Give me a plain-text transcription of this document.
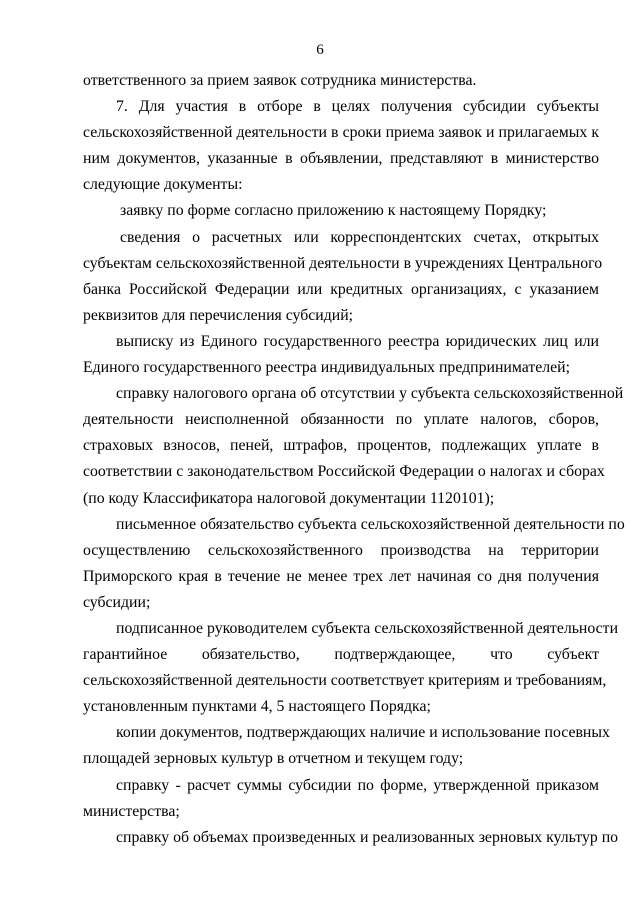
6
ответственного за прием заявок сотрудника министерства.
7. Для участия в отборе в целях получения субсидии субъекты
сельскохозяйственной деятельности в сроки приема заявок и прилагаемых к
ним документов, указанные в объявлении, представляют в министерство
следующие документы:
заявку по форме согласно приложению к настоящему Порядку;
сведения о расчетных или корреспондентских счетах, открытых
субъектам сельскохозяйственной деятельности в учреждениях Центрального
банка Российской Федерации или кредитных организациях, с указанием
реквизитов для перечисления субсидий;
выписку из Единого государственного реестра юридических лиц или
Единого государственного реестра индивидуальных предпринимателей;
справку налогового органа об отсутствии у субъекта сельскохозяйственной
деятельности неисполненной обязанности по уплате налогов, сборов,
страховых взносов, пеней, штрафов, процентов, подлежащих уплате в
соответствии с законодательством Российской Федерации о налогах и сборах
(по коду Классификатора налоговой документации 1120101);
письменное обязательство субъекта сельскохозяйственной деятельности по
осуществлению сельскохозяйственного производства на территории
Приморского края в течение не менее трех лет начиная со дня получения
субсидии;
подписанное руководителем субъекта сельскохозяйственной деятельности
гарантийное обязательство, подтверждающее, что субъект
сельскохозяйственной деятельности соответствует критериям и требованиям,
установленным пунктами 4, 5 настоящего Порядка;
копии документов, подтверждающих наличие и использование посевных
площадей зерновых культур в отчетном и текущем году;
справку - расчет суммы субсидии по форме, утвержденной приказом
министерства;
справку об объемах произведенных и реализованных зерновых культур по
